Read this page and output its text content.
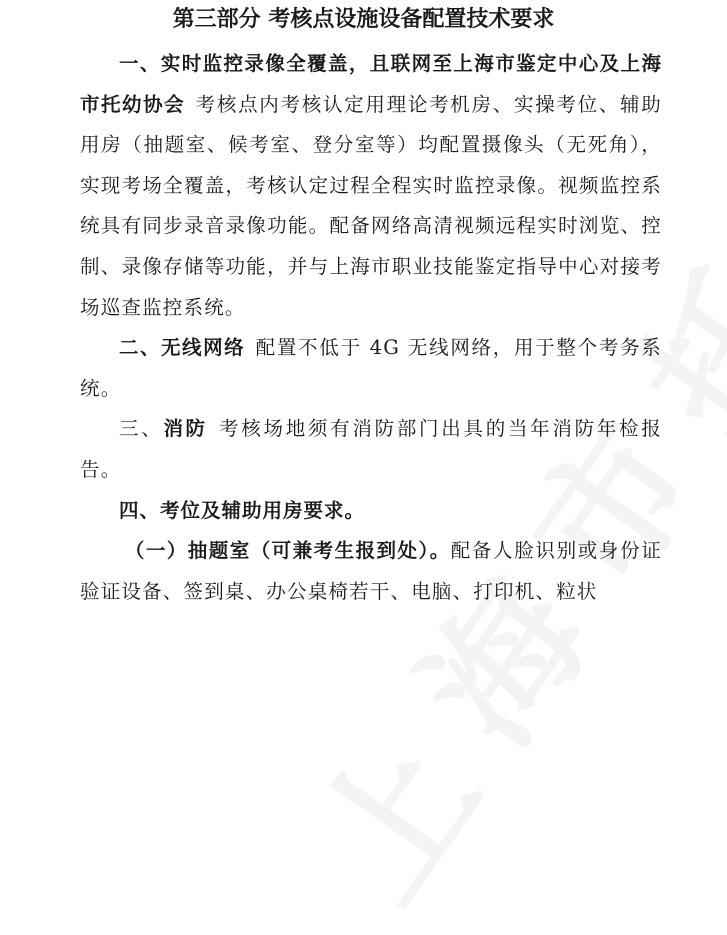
第三部分 考核点设施设备配置技术要求

一、实时监控录像全覆盖，且联网至上海市鉴定中心及上海市托幼协会 考核点内考核认定用理论考机房、实操考位、辅助用房（抽题室、候考室、登分室等）均配置摄像头（无死角），实现考场全覆盖，考核认定过程全程实时监控录像。视频监控系统具有同步录音录像功能。配备网络高清视频远程实时浏览、控制、录像存储等功能，并与上海市职业技能鉴定指导中心对接考场巡查监控系统。

二、无线网络 配置不低于 4G 无线网络，用于整个考务系统。

三、消防 考核场地须有消防部门出具的当年消防年检报告。

四、考位及辅助用房要求。

（一）抽题室（可兼考生报到处）。配备人脸识别或身份证验证设备、签到桌、办公桌椅若干、电脑、打印机、粒状
